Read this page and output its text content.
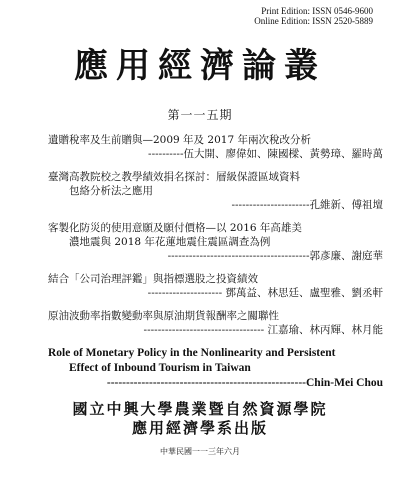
Print Edition: ISSN 0546-9600
Online Edition: ISSN 2520-5889
應用經濟論叢
第一一五期
遺贈稅率及生前贈與—2009 年及 2017 年兩次稅改分析
----------伍大開、廖偉如、陳國樑、黃勢璋、羅時萬
臺灣高教院校之教學績效捐名探討：層級保證區域資料
包絡分析法之應用
----------------------孔維新、傅祖壇
客製化防災的使用意願及願付價格—以 2016 年高雄美
濃地震與 2018 年花蓮地震住震區調查為例
----------------------------------------郭彥廉、謝庭華
結合「公司治理評鑑」與指標選股之投資績效
--------------------- 鄧萬益、林思廷、盧聖雅、劉丞軒
原油波動率指數變動率與原油期貨報酬率之關聯性
---------------------------------- 江嘉瑜、林丙輝、林月能
Role of Monetary Policy in the Nonlinearity and Persistent
Effect of Inbound Tourism in Taiwan
----------------------------------------------------Chin-Mei Chou
國立中興大學農業暨自然資源學院
應用經濟學系出版
中華民國一一三年六月
